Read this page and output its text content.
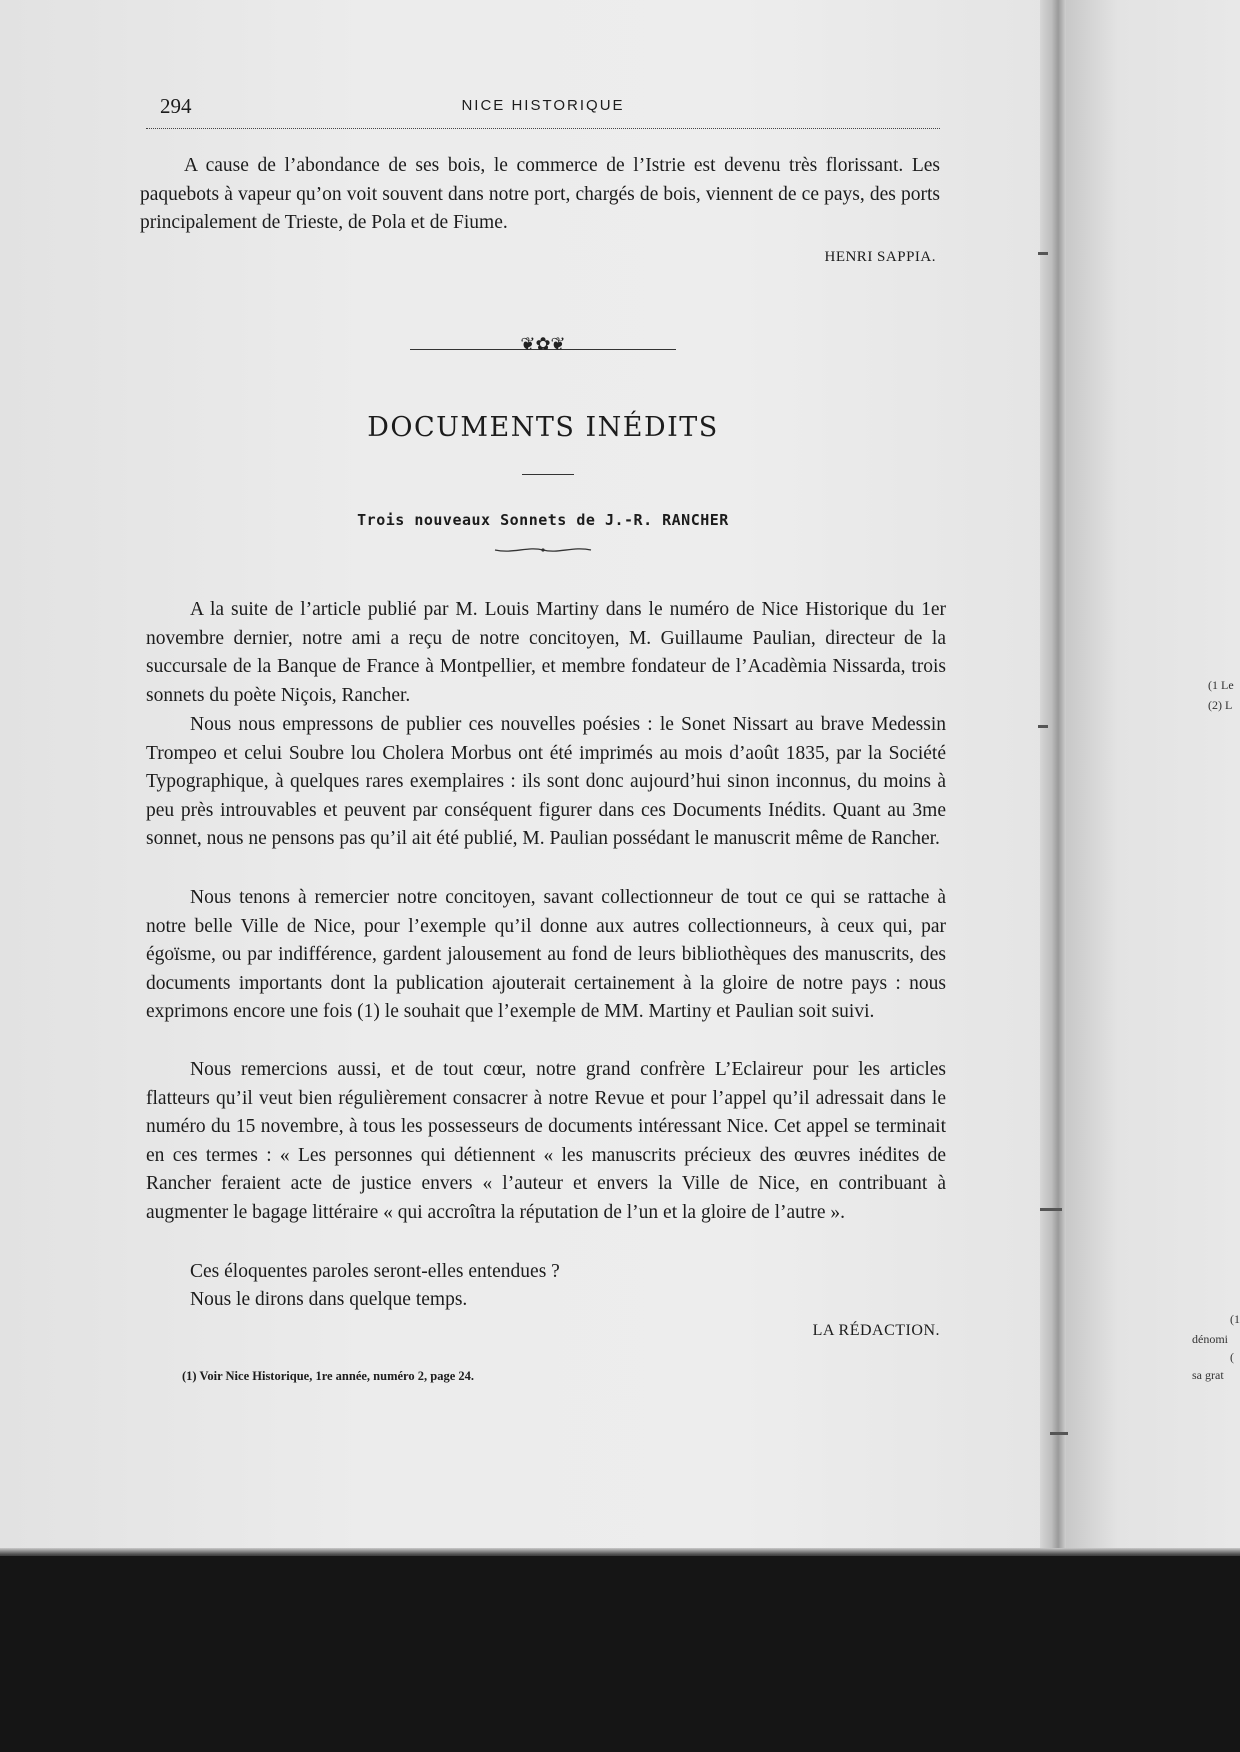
(1 Le
(2) L
(1
dénomi
(
sa grat
294	NICE HISTORIQUE
A cause de l’abondance de ses bois, le commerce de l’Istrie est devenu très florissant. Les paquebots à vapeur qu’on voit souvent dans notre port, chargés de bois, viennent de ce pays, des ports principalement de Trieste, de Pola et de Fiume.
HENRI SAPPIA.
❦✿❦
DOCUMENTS INÉDITS
Trois nouveaux Sonnets de J.-R. RANCHER
A la suite de l’article publié par M. Louis Martiny dans le numéro de Nice Historique du 1er novembre dernier, notre ami a reçu de notre concitoyen, M. Guillaume Paulian, directeur de la succursale de la Banque de France à Montpellier, et membre fondateur de l’Acadèmia Nissarda, trois sonnets du poète Niçois, Rancher.
Nous nous empressons de publier ces nouvelles poésies : le Sonet Nissart au brave Medessin Trompeo et celui Soubre lou Cholera Morbus ont été imprimés au mois d’août 1835, par la Société Typographique, à quelques rares exemplaires : ils sont donc aujourd’hui sinon inconnus, du moins à peu près introuvables et peuvent par conséquent figurer dans ces Documents Inédits. Quant au 3me sonnet, nous ne pensons pas qu’il ait été publié, M. Paulian possédant le manuscrit même de Rancher.
Nous tenons à remercier notre concitoyen, savant collectionneur de tout ce qui se rattache à notre belle Ville de Nice, pour l’exemple qu’il donne aux autres collectionneurs, à ceux qui, par égoïsme, ou par indifférence, gardent jalousement au fond de leurs bibliothèques des manuscrits, des documents importants dont la publication ajouterait certainement à la gloire de notre pays : nous exprimons encore une fois (1) le souhait que l’exemple de MM. Martiny et Paulian soit suivi.
Nous remercions aussi, et de tout cœur, notre grand confrère L’Eclaireur pour les articles flatteurs qu’il veut bien régulièrement consacrer à notre Revue et pour l’appel qu’il adressait dans le numéro du 15 novembre, à tous les possesseurs de documents intéressant Nice. Cet appel se terminait en ces termes : « Les personnes qui détiennent « les manuscrits précieux des œuvres inédites de Rancher feraient acte de justice envers « l’auteur et envers la Ville de Nice, en contribuant à augmenter le bagage littéraire « qui accroîtra la réputation de l’un et la gloire de l’autre ».
Ces éloquentes paroles seront-elles entendues ?
Nous le dirons dans quelque temps.
LA RÉDACTION.
(1) Voir Nice Historique, 1re année, numéro 2, page 24.
